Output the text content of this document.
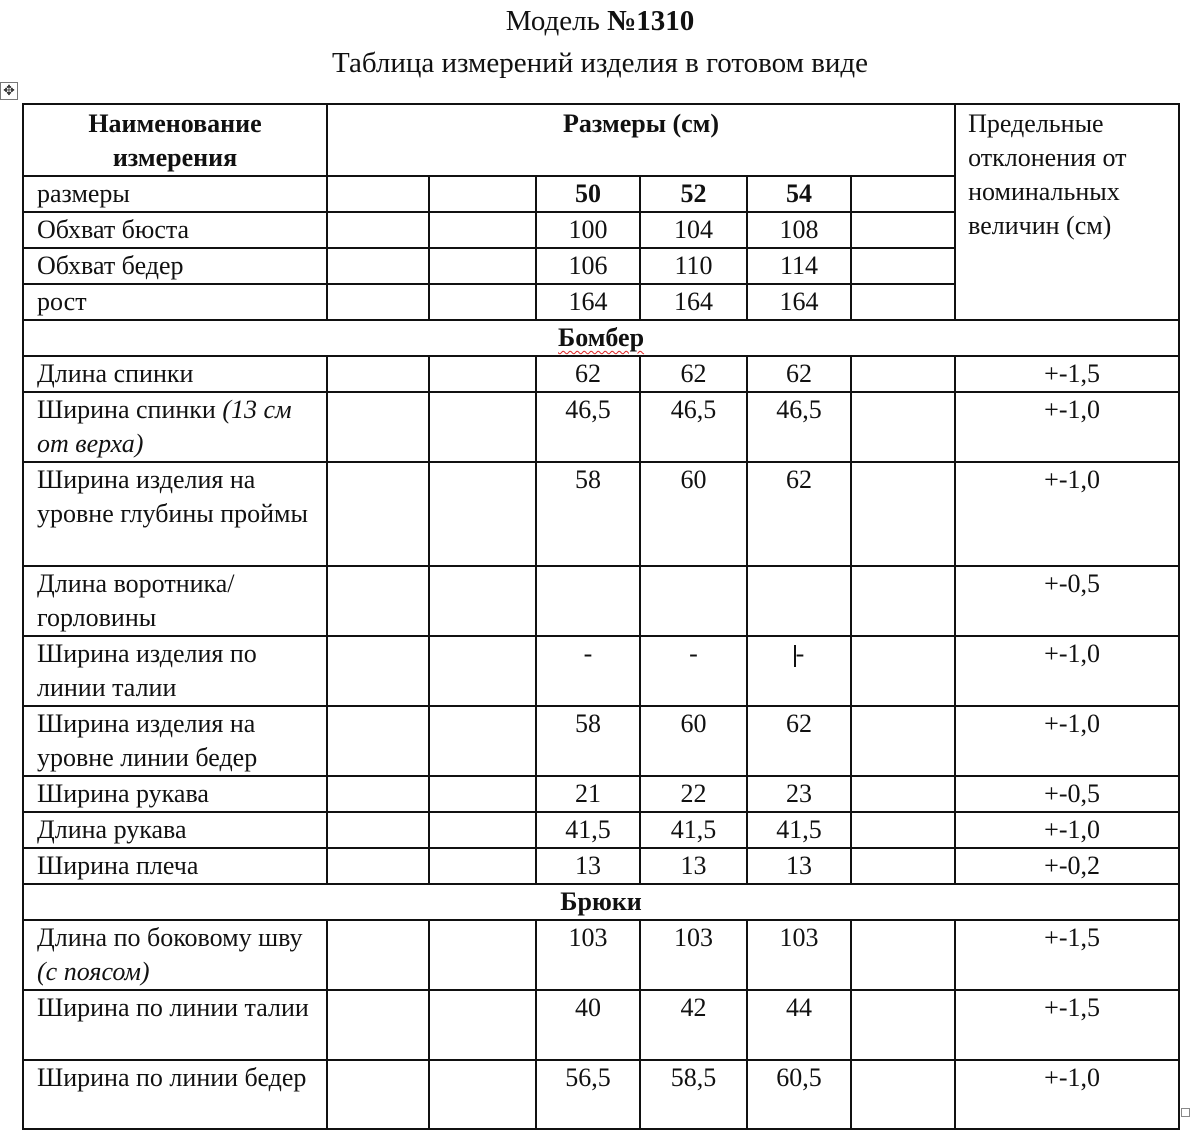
Модель №1310
Таблица измерений изделия в готовом виде
✥
Наименование измерения	Размеры (см)						Предельные отклонения от номинальных величин (см)
размеры			50	52	54		
Обхват бюста			100	104	108		
Обхват бедер			106	110	114		
рост			164	164	164		
Бомбер							
Длина спинки			62	62	62		+-1,5
Ширина спинки (13 см от верха)			46,5	46,5	46,5		+-1,0
Ширина изделия на уровне глубины проймы			58	60	62		+-1,0
Длина воротника/горловины							+-0,5
Ширина изделия по линии талии			-	-	-		+-1,0
Ширина изделия на уровне линии бедер			58	60	62		+-1,0
Ширина рукава			21	22	23		+-0,5
Длина рукава			41,5	41,5	41,5		+-1,0
Ширина плеча			13	13	13		+-0,2
Брюки							
Длина по боковому шву (с поясом)			103	103	103		+-1,5
Ширина по линии талии			40	42	44		+-1,5
Ширина по линии бедер			56,5	58,5	60,5		+-1,0
